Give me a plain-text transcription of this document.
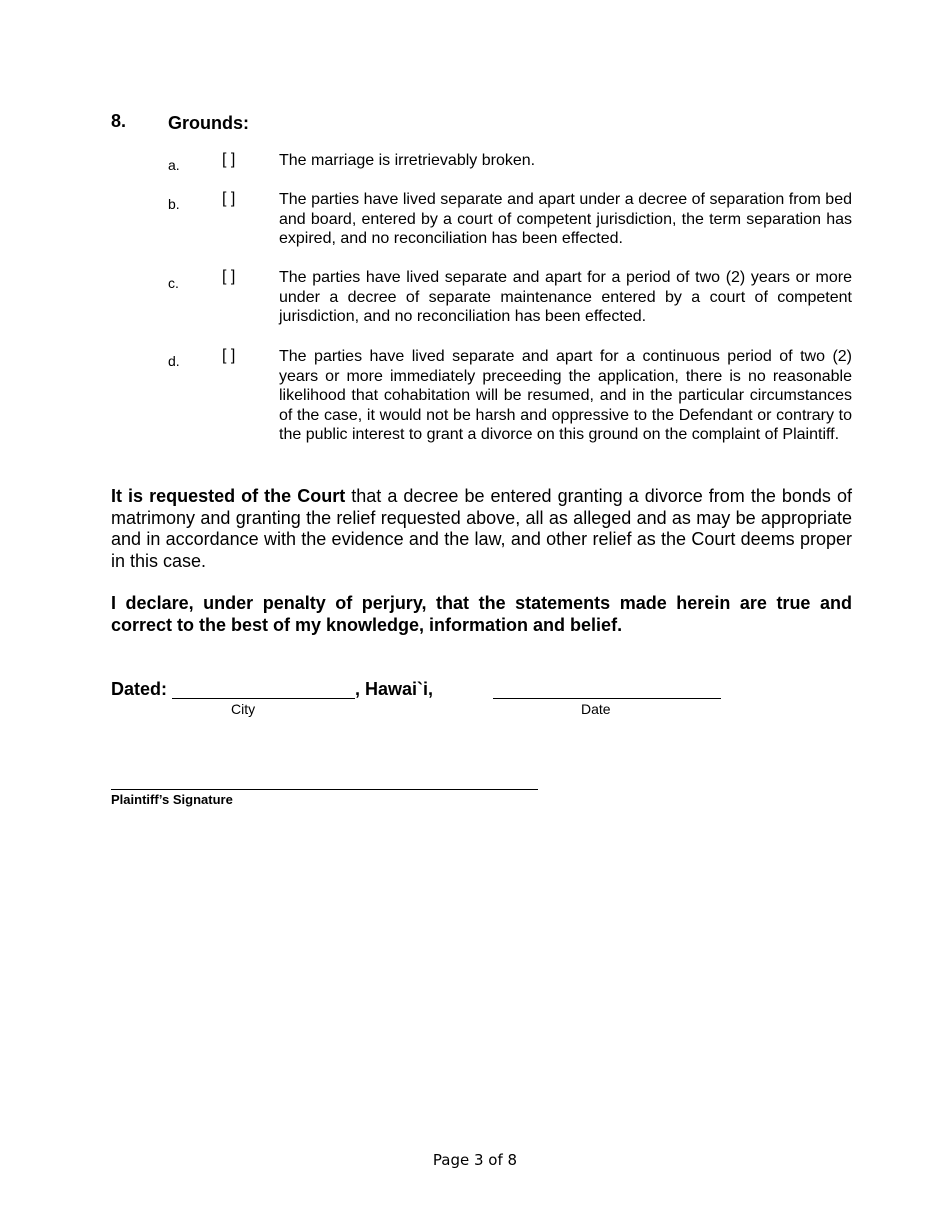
8. Grounds:
a.	[ ]	The marriage is irretrievably broken.
b.	[ ]	The parties have lived separate and apart under a decree of separation from bed and board, entered by a court of competent jurisdiction, the term separation has expired, and no reconciliation has been effected.
c.	[ ]	The parties have lived separate and apart for a period of two (2) years or more under a decree of separate maintenance entered by a court of competent jurisdiction, and no reconciliation has been effected.
d.	[ ]	The parties have lived separate and apart for a continuous period of two (2) years or more immediately preceeding the application, there is no reasonable likelihood that cohabitation will be resumed, and in the particular circumstances of the case, it would not be harsh and oppressive to the Defendant or contrary to the public interest to grant a divorce on this ground on the complaint of Plaintiff.
It is requested of the Court that a decree be entered granting a divorce from the bonds of matrimony and granting the relief requested above, all as alleged and as may be appropriate and in accordance with the evidence and the law, and other relief as the Court deems proper in this case.
I declare, under penalty of perjury, that the statements made herein are true and correct to the best of my knowledge, information and belief.
Dated:	, Hawai`i,
City	Date
Plaintiff’s Signature
Page 3 of 8
